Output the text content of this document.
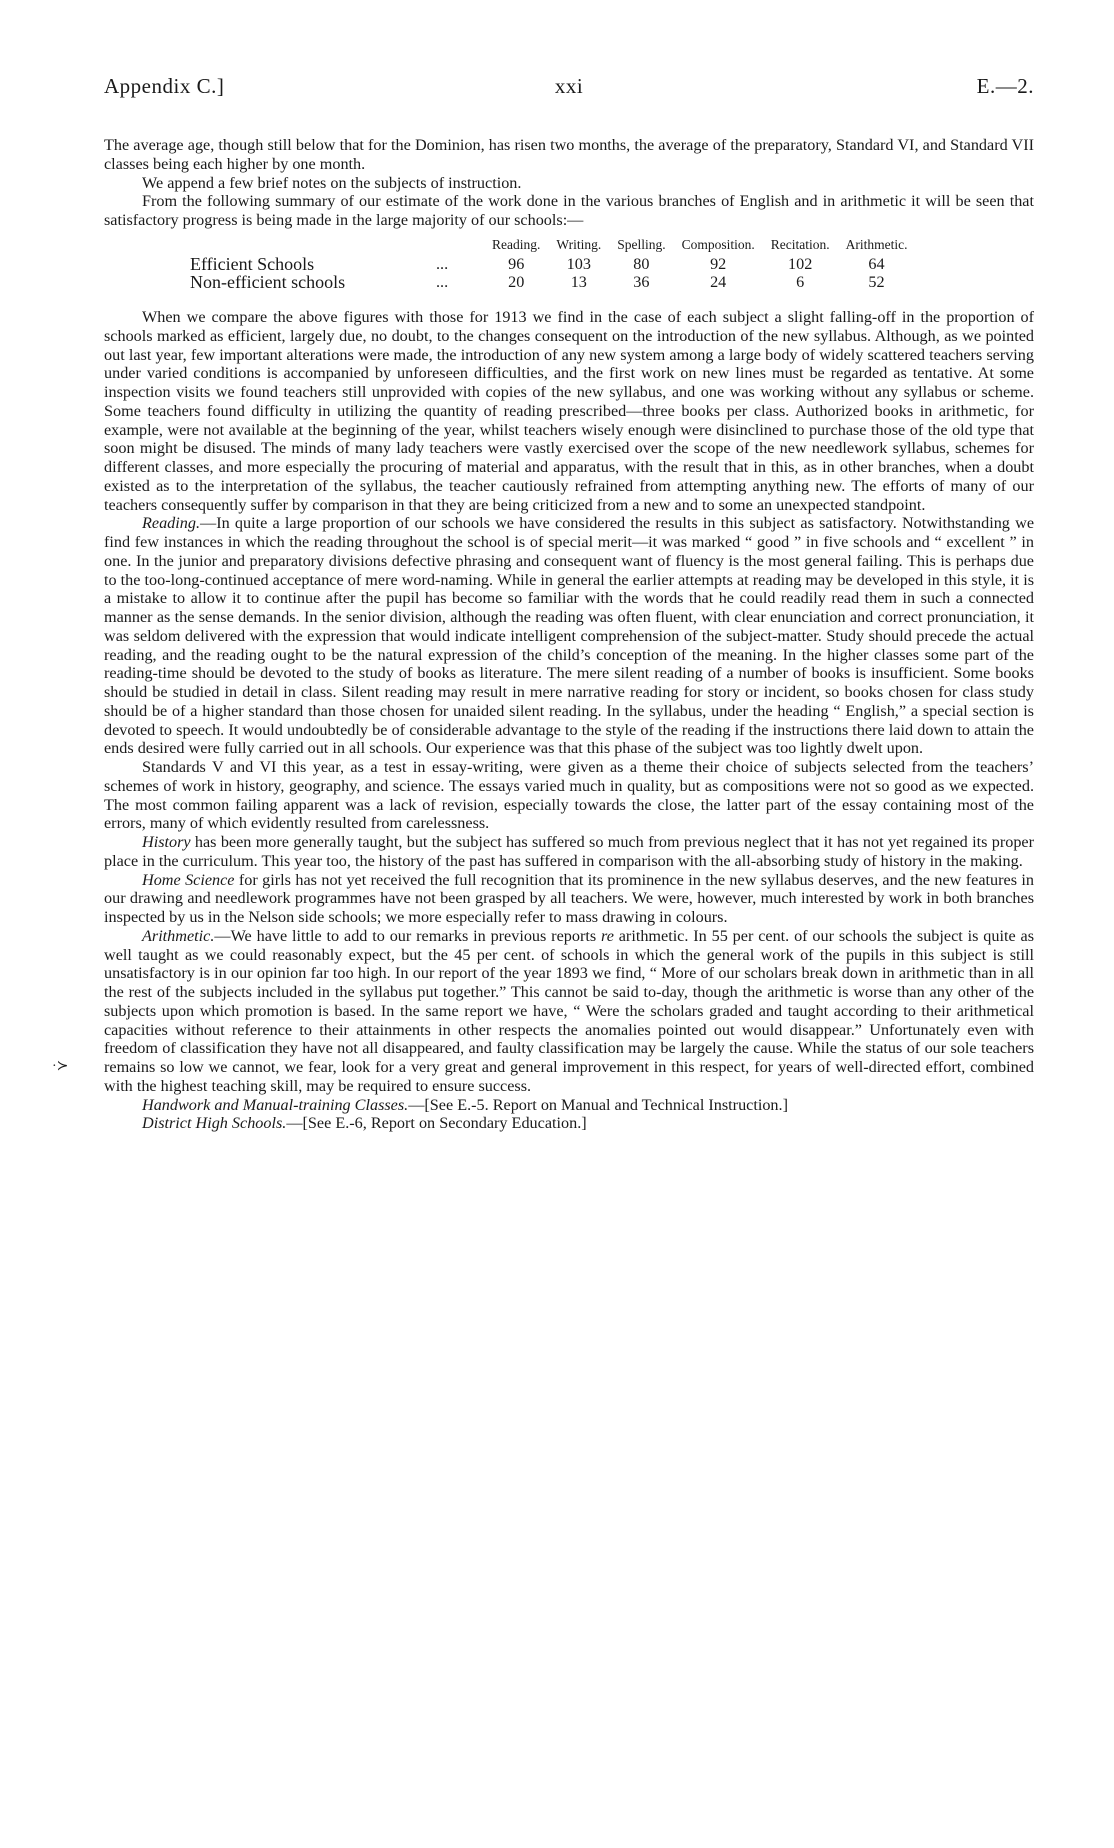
Appendix C.]	xxi	E.—2.
·≻

The average age, though still below that for the Dominion, has risen two months, the average of the preparatory, Standard VI, and Standard VII classes being each higher by one month.

We append a few brief notes on the subjects of instruction.

From the following summary of our estimate of the work done in the various branches of English and in arithmetic it will be seen that satisfactory progress is being made in the large majority of our schools:—

		Reading.	Writing.	Spelling.	Composition.	Recitation.	Arithmetic.
Efficient Schools	...	96	103	80	92	102	64
Non-efficient schools	...	20	13	36	24	6	52

When we compare the above figures with those for 1913 we find in the case of each subject a slight falling-off in the proportion of schools marked as efficient, largely due, no doubt, to the changes consequent on the introduction of the new syllabus. Although, as we pointed out last year, few important alterations were made, the introduction of any new system among a large body of widely scattered teachers serving under varied conditions is accompanied by unforeseen difficulties, and the first work on new lines must be regarded as tentative. At some inspection visits we found teachers still unprovided with copies of the new syllabus, and one was working without any syllabus or scheme. Some teachers found difficulty in utilizing the quantity of reading prescribed—three books per class. Authorized books in arithmetic, for example, were not available at the beginning of the year, whilst teachers wisely enough were disinclined to purchase those of the old type that soon might be disused. The minds of many lady teachers were vastly exercised over the scope of the new needlework syllabus, schemes for different classes, and more especially the procuring of material and apparatus, with the result that in this, as in other branches, when a doubt existed as to the interpretation of the syllabus, the teacher cautiously refrained from attempting anything new. The efforts of many of our teachers consequently suffer by comparison in that they are being criticized from a new and to some an unexpected standpoint.

Reading.—In quite a large proportion of our schools we have considered the results in this subject as satisfactory. Notwithstanding we find few instances in which the reading throughout the school is of special merit—it was marked “ good ” in five schools and “ excellent ” in one. In the junior and preparatory divisions defective phrasing and consequent want of fluency is the most general failing. This is perhaps due to the too-long-continued acceptance of mere word-naming. While in general the earlier attempts at reading may be developed in this style, it is a mistake to allow it to continue after the pupil has become so familiar with the words that he could readily read them in such a connected manner as the sense demands. In the senior division, although the reading was often fluent, with clear enunciation and correct pronunciation, it was seldom delivered with the expression that would indicate intelligent comprehension of the subject-matter. Study should precede the actual reading, and the reading ought to be the natural expression of the child’s conception of the meaning. In the higher classes some part of the reading-time should be devoted to the study of books as literature. The mere silent reading of a number of books is insufficient. Some books should be studied in detail in class. Silent reading may result in mere narrative reading for story or incident, so books chosen for class study should be of a higher standard than those chosen for unaided silent reading. In the syllabus, under the heading “ English,” a special section is devoted to speech. It would undoubtedly be of considerable advantage to the style of the reading if the instructions there laid down to attain the ends desired were fully carried out in all schools. Our experience was that this phase of the subject was too lightly dwelt upon.

Standards V and VI this year, as a test in essay-writing, were given as a theme their choice of subjects selected from the teachers’ schemes of work in history, geography, and science. The essays varied much in quality, but as compositions were not so good as we expected. The most common failing apparent was a lack of revision, especially towards the close, the latter part of the essay containing most of the errors, many of which evidently resulted from carelessness.

History has been more generally taught, but the subject has suffered so much from previous neglect that it has not yet regained its proper place in the curriculum. This year too, the history of the past has suffered in comparison with the all-absorbing study of history in the making.

Home Science for girls has not yet received the full recognition that its prominence in the new syllabus deserves, and the new features in our drawing and needlework programmes have not been grasped by all teachers. We were, however, much interested by work in both branches inspected by us in the Nelson side schools; we more especially refer to mass drawing in colours.

Arithmetic.—We have little to add to our remarks in previous reports re arithmetic. In 55 per cent. of our schools the subject is quite as well taught as we could reasonably expect, but the 45 per cent. of schools in which the general work of the pupils in this subject is still unsatisfactory is in our opinion far too high. In our report of the year 1893 we find, “ More of our scholars break down in arithmetic than in all the rest of the subjects included in the syllabus put together.” This cannot be said to-day, though the arithmetic is worse than any other of the subjects upon which promotion is based. In the same report we have, “ Were the scholars graded and taught according to their arithmetical capacities without reference to their attainments in other respects the anomalies pointed out would disappear.” Unfortunately even with freedom of classification they have not all disappeared, and faulty classification may be largely the cause. While the status of our sole teachers remains so low we cannot, we fear, look for a very great and general improvement in this respect, for years of well-directed effort, combined with the highest teaching skill, may be required to ensure success.

Handwork and Manual-training Classes.—[See E.-5. Report on Manual and Technical Instruction.]

District High Schools.—[See E.-6, Report on Secondary Education.]
